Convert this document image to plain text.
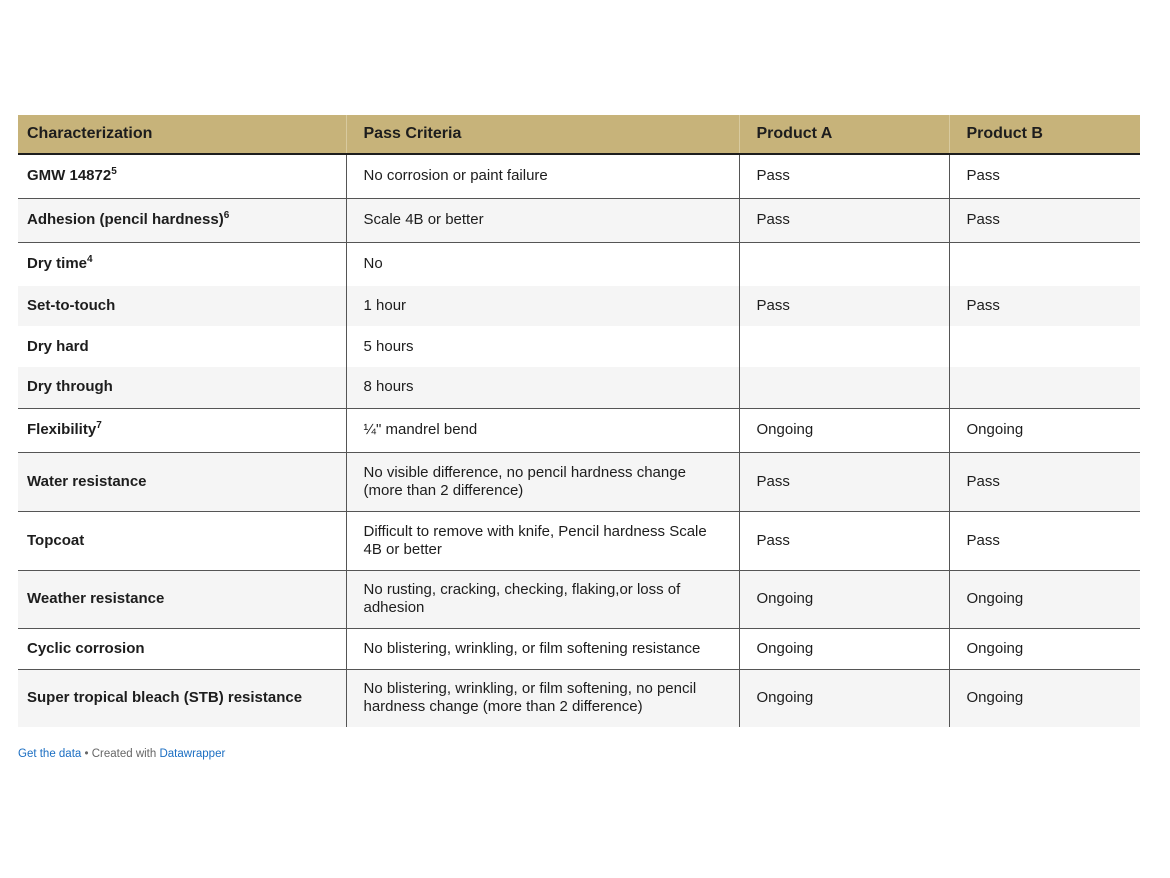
Characterization	Pass Criteria	Product A	Product B
GMW 14872$^5$	No corrosion or paint failure	Pass	Pass
Adhesion (pencil hardness)$^6$	Scale 4B or better	Pass	Pass
Dry time$^4$	No		
Set-to-touch	1 hour	Pass	Pass
Dry hard	5 hours		
Dry through	8 hours		
Flexibility$^7$	¼" mandrel bend	Ongoing	Ongoing
Water resistance	No visible difference, no pencil hardness change (more than 2 difference)	Pass	Pass
Topcoat	Difficult to remove with knife, Pencil hardness Scale 4B or better	Pass	Pass
Weather resistance	No rusting, cracking, checking, flaking,or loss of adhesion	Ongoing	Ongoing
Cyclic corrosion	No blistering, wrinkling, or film softening resistance	Ongoing	Ongoing
Super tropical bleach (STB) resistance	No blistering, wrinkling, or film softening, no pencil hardness change (more than 2 difference)	Ongoing	Ongoing
Get the data • Created with Datawrapper
